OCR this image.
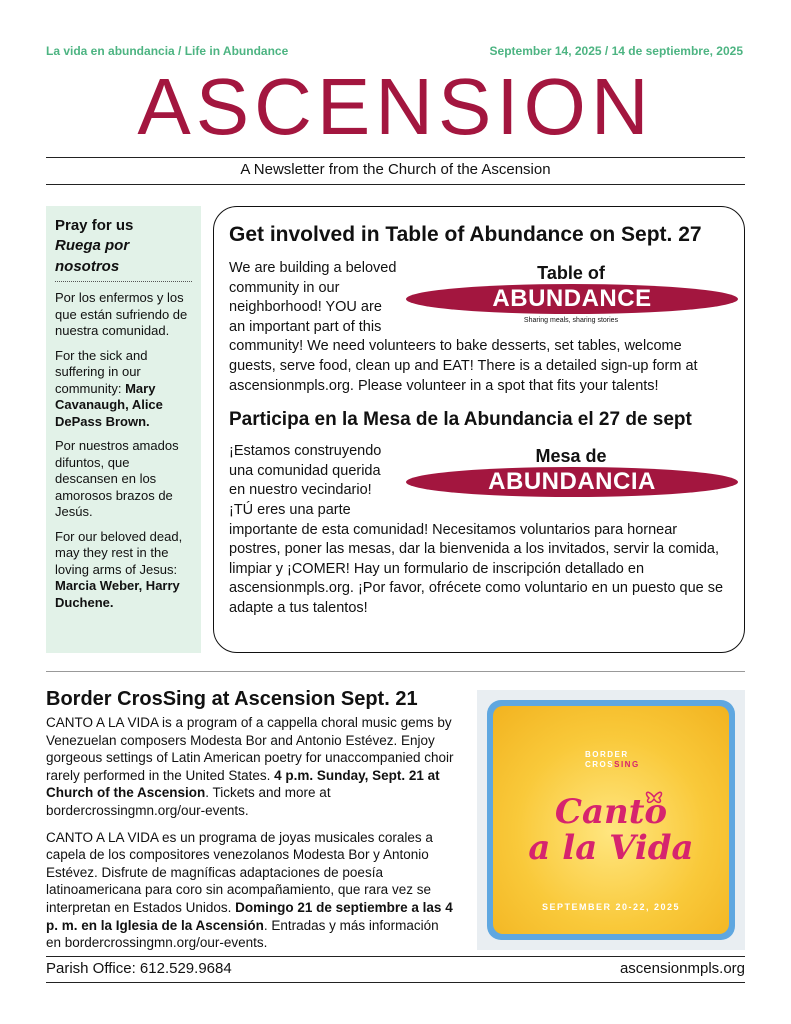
La vida en abundancia / Life in Abundance	September 14, 2025 / 14 de septiembre, 2025
ASCENSION
A Newsletter from the Church of the Ascension
Pray for us
Ruega por nosotros

Por los enfermos y los que están sufriendo de nuestra comunidad.

For the sick and suffering in our community: Mary Cavanaugh, Alice DePass Brown.

Por nuestros amados difuntos, que descansen en los amorosos brazos de Jesús.

For our beloved dead, may they rest in the loving arms of Jesus: Marcia Weber, Harry Duchene.

Get involved in Table of Abundance on Sept. 27
Table of
ABUNDANCE
Sharing meals, sharing stories
We are building a beloved community in our neighborhood! YOU are an important part of this community! We need volunteers to bake desserts, set tables, welcome guests, serve food, clean up and EAT! There is a detailed sign-up form at ascensionmpls.org. Please volunteer in a spot that fits your talents!
Participa en la Mesa de la Abundancia el 27 de sept
Mesa de
ABUNDANCIA
¡Estamos construyendo una comunidad querida en nuestro vecindario! ¡TÚ eres una parte importante de esta comunidad! Necesitamos voluntarios para hornear postres, poner las mesas, dar la bienvenida a los invitados, servir la comida, limpiar y ¡COMER! Hay un formulario de inscripción detallado en ascensionmpls.org. ¡Por favor, ofrécete como voluntario en un puesto que se adapte a tus talentos!
Border CrosSing at Ascension Sept. 21

CANTO A LA VIDA is a program of a cappella choral music gems by Venezuelan composers Modesta Bor and Antonio Estévez. Enjoy gorgeous settings of Latin American poetry for unaccompanied choir rarely performed in the United States. 4 p.m. Sunday, Sept. 21 at Church of the Ascension. Tickets and more at bordercrossingmn.org/our-events.

CANTO A LA VIDA es un programa de joyas musicales corales a capela de los compositores venezolanos Modesta Bor y Antonio Estévez. Disfrute de magníficas adaptaciones de poesía latinoamericana para coro sin acompañamiento, que rara vez se interpretan en Estados Unidos. Domingo 21 de septiembre a las 4 p. m. en la Iglesia de la Ascensión. Entradas y más información en bordercrossingmn.org/our-events.

BORDER
CROSSING
Canto
a la Vida
SEPTEMBER 20-22, 2025
Parish Office: 612.529.9684	ascensionmpls.org
